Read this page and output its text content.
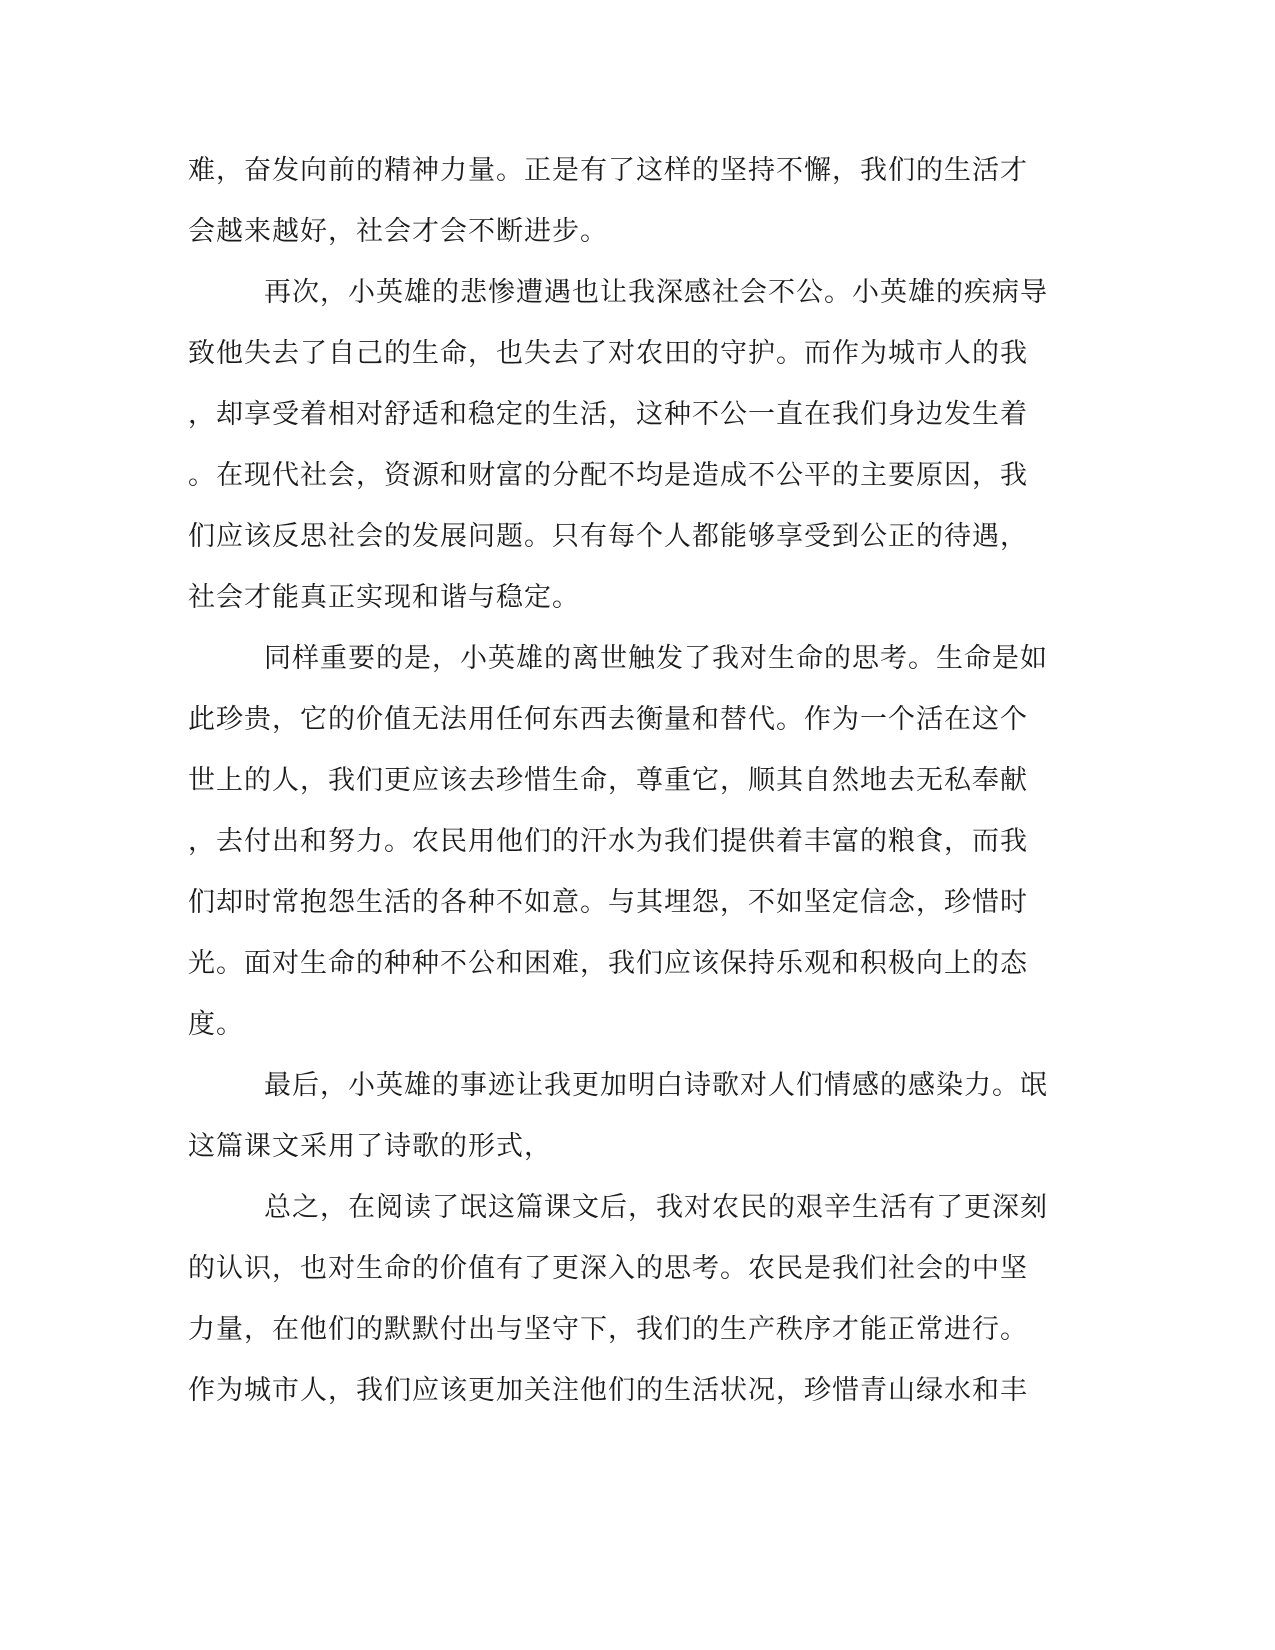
难，奋发向前的精神力量。正是有了这样的坚持不懈，我们的生活才
会越来越好，社会才会不断进步。
再次，小英雄的悲惨遭遇也让我深感社会不公。小英雄的疾病导
致他失去了自己的生命，也失去了对农田的守护。而作为城市人的我
，却享受着相对舒适和稳定的生活，这种不公一直在我们身边发生着
。在现代社会，资源和财富的分配不均是造成不公平的主要原因，我
们应该反思社会的发展问题。只有每个人都能够享受到公正的待遇，
社会才能真正实现和谐与稳定。
同样重要的是，小英雄的离世触发了我对生命的思考。生命是如
此珍贵，它的价值无法用任何东西去衡量和替代。作为一个活在这个
世上的人，我们更应该去珍惜生命，尊重它，顺其自然地去无私奉献
，去付出和努力。农民用他们的汗水为我们提供着丰富的粮食，而我
们却时常抱怨生活的各种不如意。与其埋怨，不如坚定信念，珍惜时
光。面对生命的种种不公和困难，我们应该保持乐观和积极向上的态
度。
最后，小英雄的事迹让我更加明白诗歌对人们情感的感染力。氓
这篇课文采用了诗歌的形式，
总之，在阅读了氓这篇课文后，我对农民的艰辛生活有了更深刻
的认识，也对生命的价值有了更深入的思考。农民是我们社会的中坚
力量，在他们的默默付出与坚守下，我们的生产秩序才能正常进行。
作为城市人，我们应该更加关注他们的生活状况，珍惜青山绿水和丰
